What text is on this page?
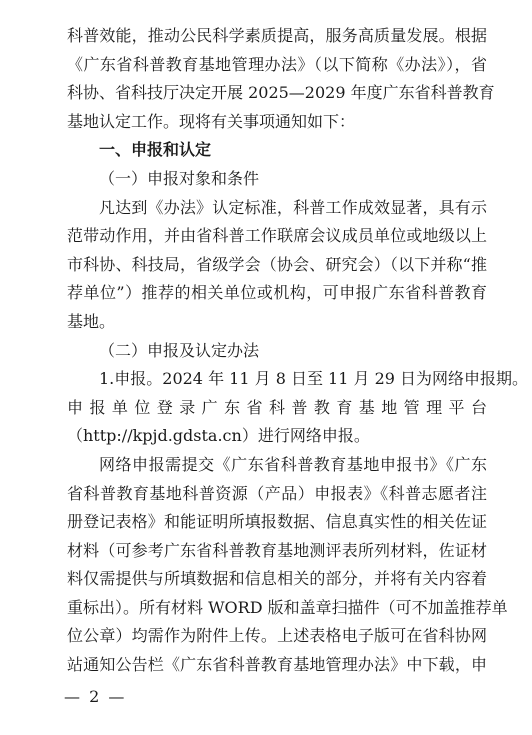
科普效能，推动公民科学素质提高，服务高质量发展。根据
《广东省科普教育基地管理办法》（以下简称《办法》），省
科协、省科技厅决定开展 2025—2029 年度广东省科普教育
基地认定工作。现将有关事项通知如下：
一、申报和认定
（一）申报对象和条件
凡达到《办法》认定标准，科普工作成效显著，具有示
范带动作用，并由省科普工作联席会议成员单位或地级以上
市科协、科技局，省级学会（协会、研究会）（以下并称“推
荐单位”）推荐的相关单位或机构，可申报广东省科普教育
基地。
（二）申报及认定办法
1.申报。2024 年 11 月 8 日至 11 月 29 日为网络申报期。
申报单位登录广东省科普教育基地管理平台
（http://kpjd.gdsta.cn）进行网络申报。
网络申报需提交《广东省科普教育基地申报书》《广东
省科普教育基地科普资源（产品）申报表》《科普志愿者注
册登记表格》和能证明所填报数据、信息真实性的相关佐证
材料（可参考广东省科普教育基地测评表所列材料，佐证材
料仅需提供与所填数据和信息相关的部分，并将有关内容着
重标出）。所有材料 WORD 版和盖章扫描件（可不加盖推荐单
位公章）均需作为附件上传。上述表格电子版可在省科协网
站通知公告栏《广东省科普教育基地管理办法》中下载，申
— 2 —
